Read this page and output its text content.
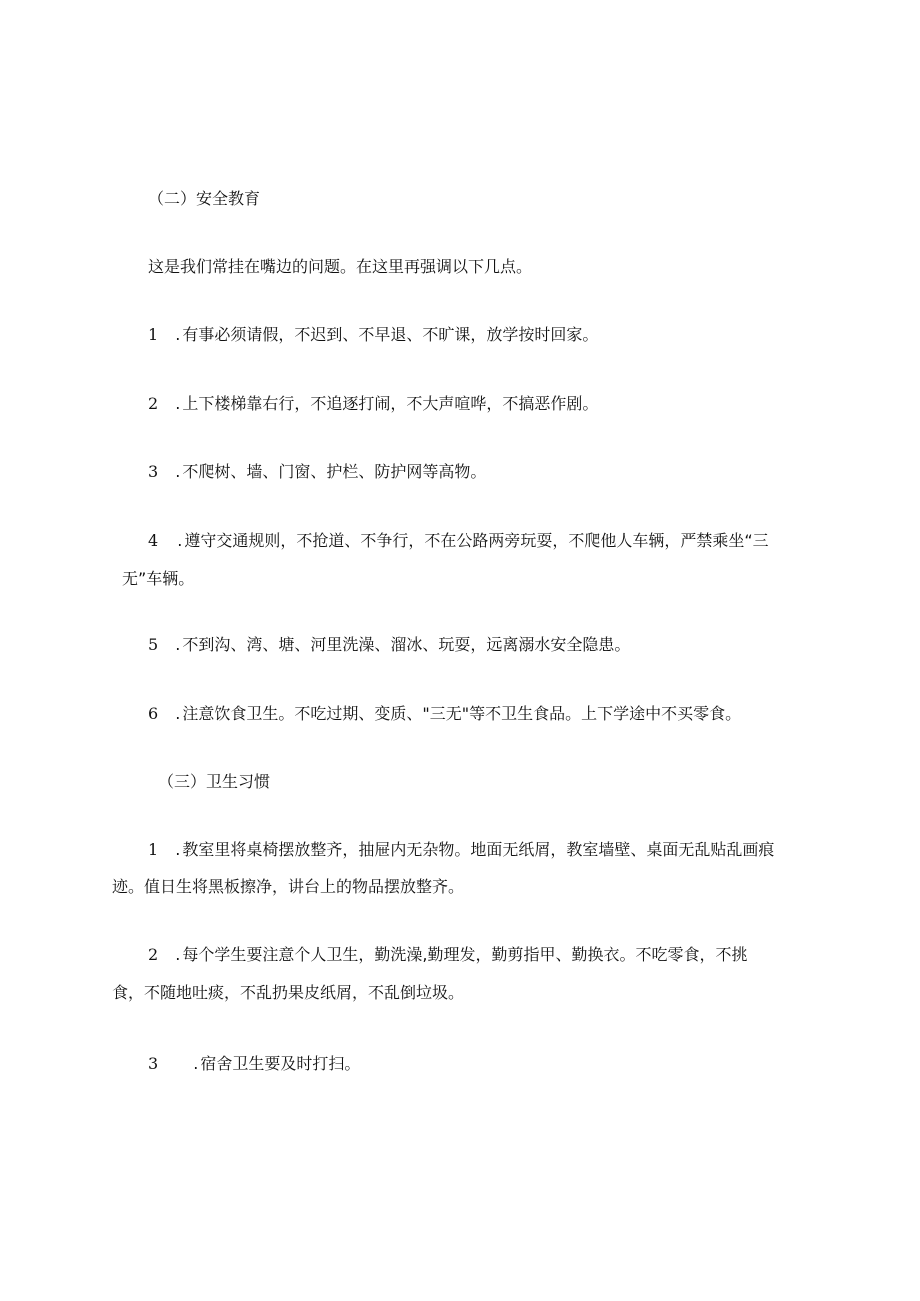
（二）安全教育
这是我们常挂在嘴边的问题。在这里再强调以下几点。
1 . 有事必须请假，不迟到、不早退、不旷课，放学按时回家。
2 . 上下楼梯靠右行，不追逐打闹，不大声喧哗，不搞恶作剧。
3 . 不爬树、墙、门窗、护栏、防护网等高物。
4 . 遵守交通规则，不抢道、不争行，不在公路两旁玩耍，不爬他人车辆，严禁乘坐“三
无”车辆。
5 . 不到沟、湾、塘、河里洗澡、溜冰、玩耍，远离溺水安全隐患。
6 . 注意饮食卫生。不吃过期、变质、"三无"等不卫生食品。上下学途中不买零食。
（三）卫生习惯
1 . 教室里将桌椅摆放整齐，抽屉内无杂物。地面无纸屑，教室墙壁、桌面无乱贴乱画痕
迹。值日生将黑板擦净，讲台上的物品摆放整齐。
2 . 每个学生要注意个人卫生，勤洗澡,勤理发，勤剪指甲、勤换衣。不吃零食，不挑
食，不随地吐痰，不乱扔果皮纸屑，不乱倒垃圾。
3 . 宿舍卫生要及时打扫。
